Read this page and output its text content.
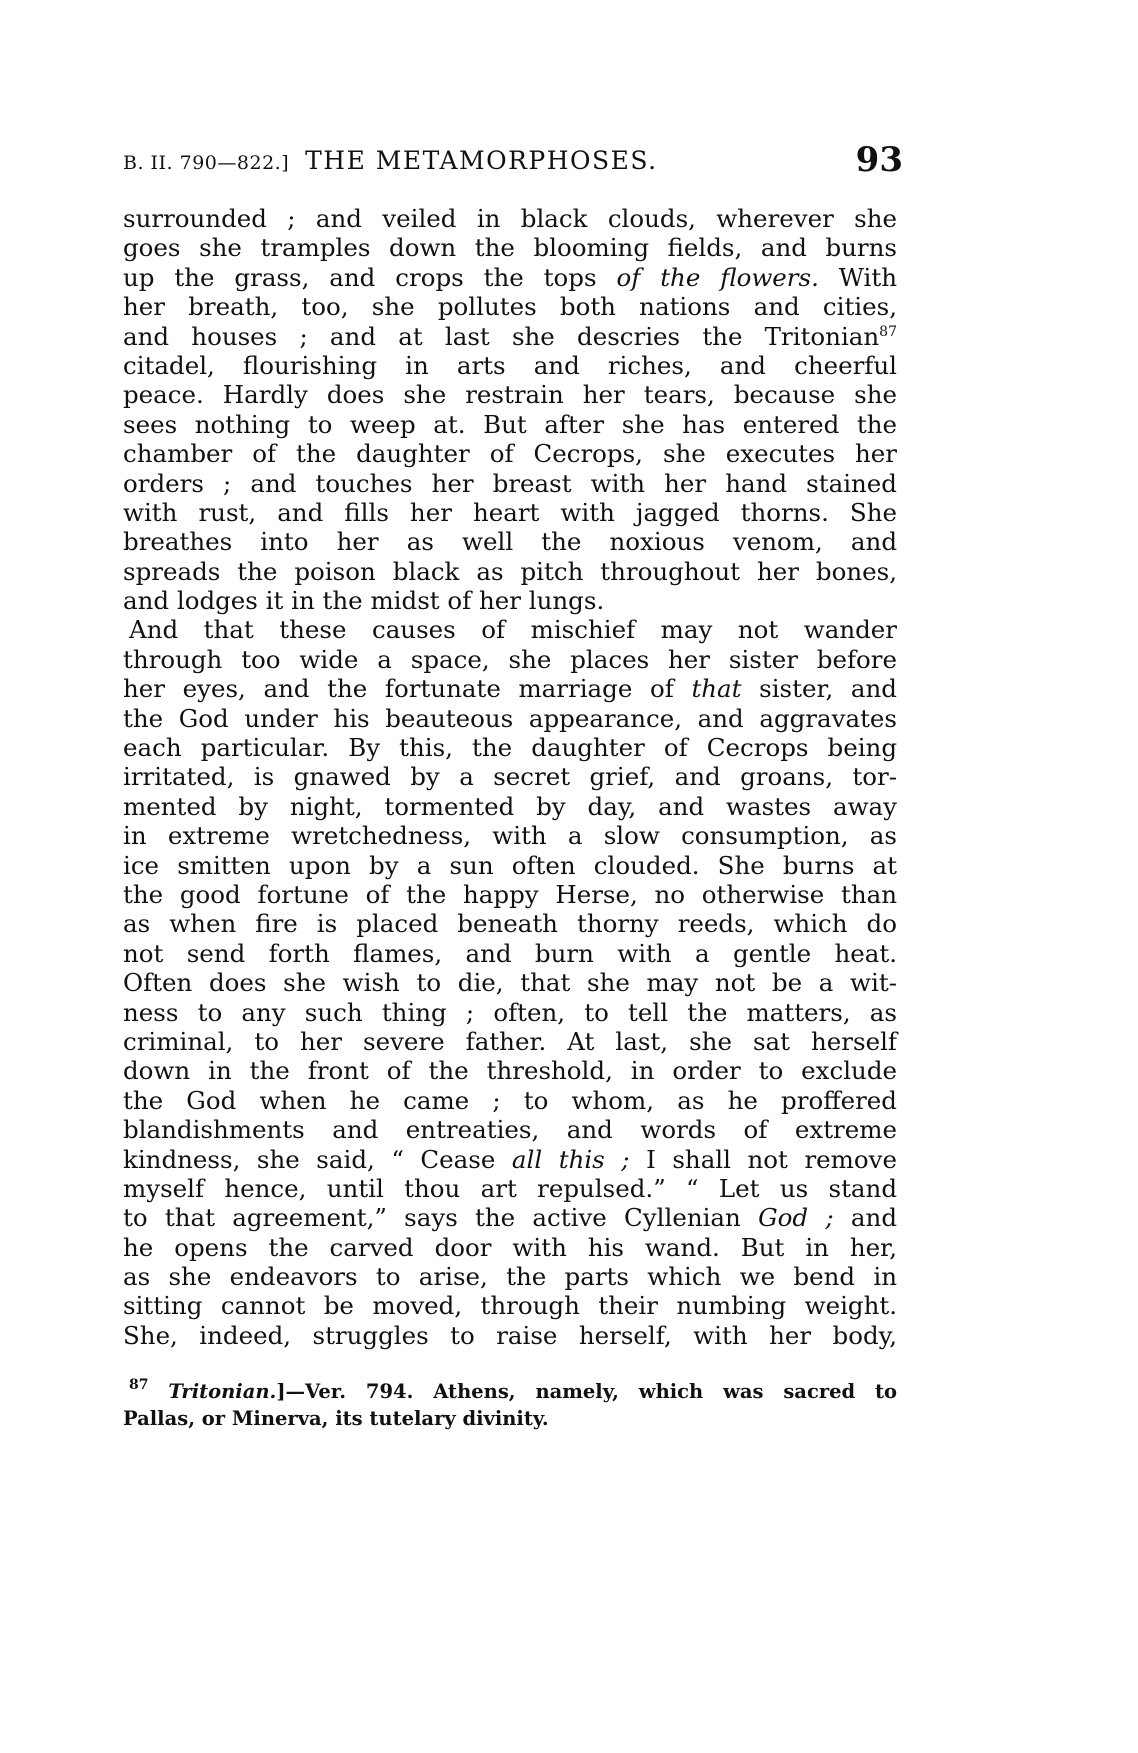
B. II. 790—822.] THE METAMORPHOSES.	93
surrounded ; and veiled in black clouds, wherever she
goes she tramples down the blooming fields, and burns
up the grass, and crops the tops of the flowers. With
her breath, too, she pollutes both nations and cities,
and houses ; and at last she descries the Tritonian$^{87}$
citadel, flourishing in arts and riches, and cheerful
peace. Hardly does she restrain her tears, because she
sees nothing to weep at. But after she has entered the
chamber of the daughter of Cecrops, she executes her
orders ; and touches her breast with her hand stained
with rust, and fills her heart with jagged thorns. She
breathes into her as well the noxious venom, and
spreads the poison black as pitch throughout her bones,
and lodges it in the midst of her lungs.
And that these causes of mischief may not wander
through too wide a space, she places her sister before
her eyes, and the fortunate marriage of that sister, and
the God under his beauteous appearance, and aggravates
each particular. By this, the daughter of Cecrops being
irritated, is gnawed by a secret grief, and groans, tor-
mented by night, tormented by day, and wastes away
in extreme wretchedness, with a slow consumption, as
ice smitten upon by a sun often clouded. She burns at
the good fortune of the happy Herse, no otherwise than
as when fire is placed beneath thorny reeds, which do
not send forth flames, and burn with a gentle heat.
Often does she wish to die, that she may not be a wit-
ness to any such thing ; often, to tell the matters, as
criminal, to her severe father. At last, she sat herself
down in the front of the threshold, in order to exclude
the God when he came ; to whom, as he proffered
blandishments and entreaties, and words of extreme
kindness, she said, “ Cease all this ; I shall not remove
myself hence, until thou art repulsed.” “ Let us stand
to that agreement,” says the active Cyllenian God ; and
he opens the carved door with his wand. But in her,
as she endeavors to arise, the parts which we bend in
sitting cannot be moved, through their numbing weight.
She, indeed, struggles to raise herself, with her body,
$^{87}$ Tritonian.]—Ver. 794. Athens, namely, which was sacred to
Pallas, or Minerva, its tutelary divinity.
